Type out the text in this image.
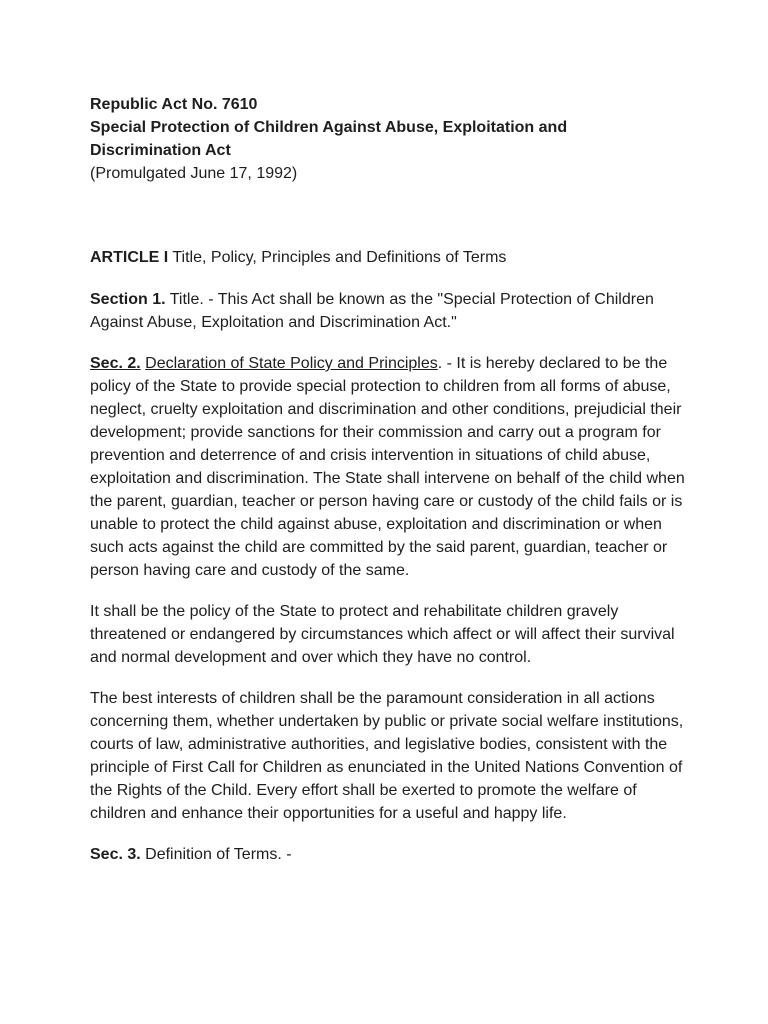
Republic Act No. 7610
Special Protection of Children Against Abuse, Exploitation and
Discrimination Act
(Promulgated June 17, 1992)

ARTICLE I Title, Policy, Principles and Definitions of Terms

Section 1. Title. - This Act shall be known as the "Special Protection of Children Against Abuse, Exploitation and Discrimination Act."

Sec. 2. Declaration of State Policy and Principles. - It is hereby declared to be the policy of the State to provide special protection to children from all forms of abuse, neglect, cruelty exploitation and discrimination and other conditions, prejudicial their development; provide sanctions for their commission and carry out a program for prevention and deterrence of and crisis intervention in situations of child abuse, exploitation and discrimination. The State shall intervene on behalf of the child when the parent, guardian, teacher or person having care or custody of the child fails or is unable to protect the child against abuse, exploitation and discrimination or when such acts against the child are committed by the said parent, guardian, teacher or person having care and custody of the same.

It shall be the policy of the State to protect and rehabilitate children gravely threatened or endangered by circumstances which affect or will affect their survival and normal development and over which they have no control.

The best interests of children shall be the paramount consideration in all actions concerning them, whether undertaken by public or private social welfare institutions, courts of law, administrative authorities, and legislative bodies, consistent with the principle of First Call for Children as enunciated in the United Nations Convention of the Rights of the Child. Every effort shall be exerted to promote the welfare of children and enhance their opportunities for a useful and happy life.

Sec. 3. Definition of Terms. -
